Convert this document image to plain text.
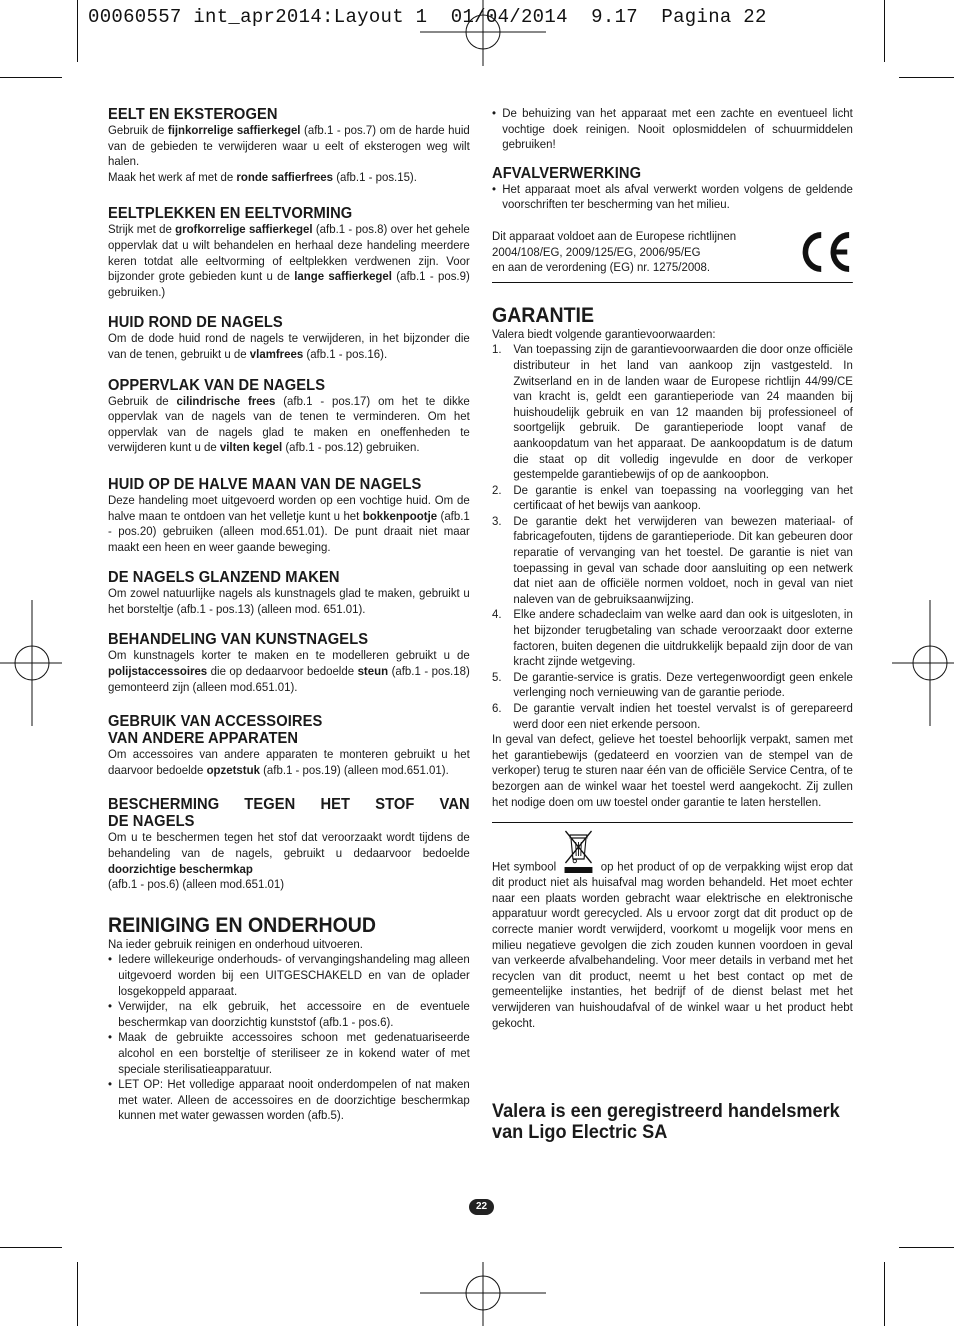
00060557 int_apr2014:Layout 1  01/04/2014  9.17  Pagina 22
EELT EN EKSTEROGEN

Gebruik de fijnkorrelige saffierkegel (afb.1 - pos.7) om de harde huid van de gebieden te verwijderen waar u eelt of eksterogen weg wilt halen.

Maak het werk af met de ronde saffierfrees (afb.1 - pos.15).

EELTPLEKKEN EN EELTVORMING

Strijk met de grofkorrelige saffierkegel (afb.1 - pos.8) over het gehele oppervlak dat u wilt behandelen en herhaal deze handeling meerdere keren totdat alle eeltvorming of eeltplekken verdwenen zijn. Voor bijzonder grote gebieden kunt u de lange saffierkegel (afb.1 - pos.9) gebruiken.)

HUID ROND DE NAGELS

Om de dode huid rond de nagels te verwijderen, in het bijzonder die van de tenen, gebruikt u de vlamfrees (afb.1 - pos.16).

OPPERVLAK VAN DE NAGELS

Gebruik de cilindrische frees (afb.1 - pos.17) om het te dikke oppervlak van de nagels van de tenen te verminderen. Om het oppervlak van de nagels glad te maken en oneffenheden te verwijderen kunt u de vilten kegel (afb.1 - pos.12) gebruiken.

HUID OP DE HALVE MAAN VAN DE NAGELS

Deze handeling moet uitgevoerd worden op een vochtige huid. Om de halve maan te ontdoen van het velletje kunt u het bokkenpootje (afb.1 - pos.20) gebruiken (alleen mod.651.01). De punt draait niet maar maakt een heen en weer gaande beweging.

DE NAGELS GLANZEND MAKEN

Om zowel natuurlijke nagels als kunstnagels glad te maken, gebruikt u het borsteltje (afb.1 - pos.13) (alleen mod. 651.01).

BEHANDELING VAN KUNSTNAGELS

Om kunstnagels korter te maken en te modelleren gebruikt u de polijstaccessoires die op dedaarvoor bedoelde steun (afb.1 - pos.18) gemonteerd zijn (alleen mod.651.01).

GEBRUIK VAN ACCESSOIRES
VAN ANDERE APPARATEN

Om accessoires van andere apparaten te monteren gebruikt u het daarvoor bedoelde opzetstuk (afb.1 - pos.19) (alleen mod.651.01).

BESCHERMING TEGEN HET STOF VAN
DE NAGELS

Om u te beschermen tegen het stof dat veroorzaakt wordt tijdens de behandeling van de nagels, gebruikt u dedaarvoor bedoelde doorzichtige beschermkap
(afb.1 - pos.6) (alleen mod.651.01)

REINIGING EN ONDERHOUD

Na ieder gebruik reinigen en onderhoud uitvoeren.

• Iedere willekeurige onderhouds- of vervangingshandeling mag alleen uitgevoerd worden bij een UITGESCHAKELD en van de oplader losgekoppeld apparaat.
• Verwijder, na elk gebruik, het accessoire en de eventuele beschermkap van doorzichtig kunststof (afb.1 - pos.6).
• Maak de gebruikte accessoires schoon met gedenatuariseerde alcohol en een borsteltje of steriliseer ze in kokend water of met speciale sterilisatieapparatuur.
• LET OP: Het volledige apparaat nooit onderdompelen of nat maken met water. Alleen de accessoires en de doorzichtige beschermkap kunnen met water gewassen worden (afb.5).
• De behuizing van het apparaat met een zachte en eventueel licht vochtige doek reinigen. Nooit oplosmiddelen of schuurmiddelen gebruiken!
AFVALVERWERKING
• Het apparaat moet als afval verwerkt worden volgens de geldende voorschriften ter bescherming van het milieu.
Dit apparaat voldoet aan de Europese richtlijnen
2004/108/EG, 2009/125/EG, 2006/95/EG
en aan de verordening (EG) nr. 1275/2008.
GARANTIE

Valera biedt volgende garantievoorwaarden:

1. Van toepassing zijn de garantievoorwaarden die door onze officiële distributeur in het land van aankoop zijn vastgesteld. In Zwitserland en in de landen waar de Europese richtlijn 44/99/CE van kracht is, geldt een garantieperiode van 24 maanden bij huishoudelijk gebruik en van 12 maanden bij professioneel of soortgelijk gebruik. De garantieperiode loopt vanaf de aankoopdatum van het apparaat. De aankoopdatum is de datum die staat op dit volledig ingevulde en door de verkoper gestempelde garantiebewijs of op de aankoopbon.
2. De garantie is enkel van toepassing na voorlegging van het certificaat of het bewijs van aankoop.
3. De garantie dekt het verwijderen van bewezen materiaal- of fabricagefouten, tijdens de garantieperiode. Dit kan gebeuren door reparatie of vervanging van het toestel. De garantie is niet van toepassing in geval van schade door aansluiting op een netwerk dat niet aan de officiële normen voldoet, noch in geval van niet naleven van de gebruiksaanwijzing.
4. Elke andere schadeclaim van welke aard dan ook is uitgesloten, in het bijzonder terugbetaling van schade veroorzaakt door externe factoren, buiten degenen die uitdrukkelijk bepaald zijn door de van kracht zijnde wetgeving.
5. De garantie-service is gratis. Deze vertegenwoordigt geen enkele verlenging noch vernieuwing van de garantie periode.
6. De garantie vervalt indien het toestel vervalst is of gerepareerd werd door een niet erkende persoon.

In geval van defect, gelieve het toestel behoorlijk verpakt, samen met het garantiebewijs (gedateerd en voorzien van de stempel van de verkoper) terug te sturen naar één van de officiële Service Centra, of te bezorgen aan de winkel waar het toestel werd aangekocht. Zij zullen het nodige doen om uw toestel onder garantie te laten herstellen.

Het symbool	op het product of op de verpakking wijst erop dat dit product niet als huisafval mag worden behandeld. Het moet echter naar een plaats worden gebracht waar elektrische en elektronische apparatuur wordt gerecycled. Als u ervoor zorgt dat dit product op de correcte manier wordt verwijderd, voorkomt u mogelijk voor mens en milieu negatieve gevolgen die zich zouden kunnen voordoen in geval van verkeerde afvalbehandeling. Voor meer details in verband met het recyclen van dit product, neemt u het best contact op met de gemeentelijke instanties, het bedrijf of de dienst belast met het verwijderen van huishoudafval of de winkel waar u het product hebt gekocht.

Valera is een geregistreerd handelsmerk
van Ligo Electric SA
22
